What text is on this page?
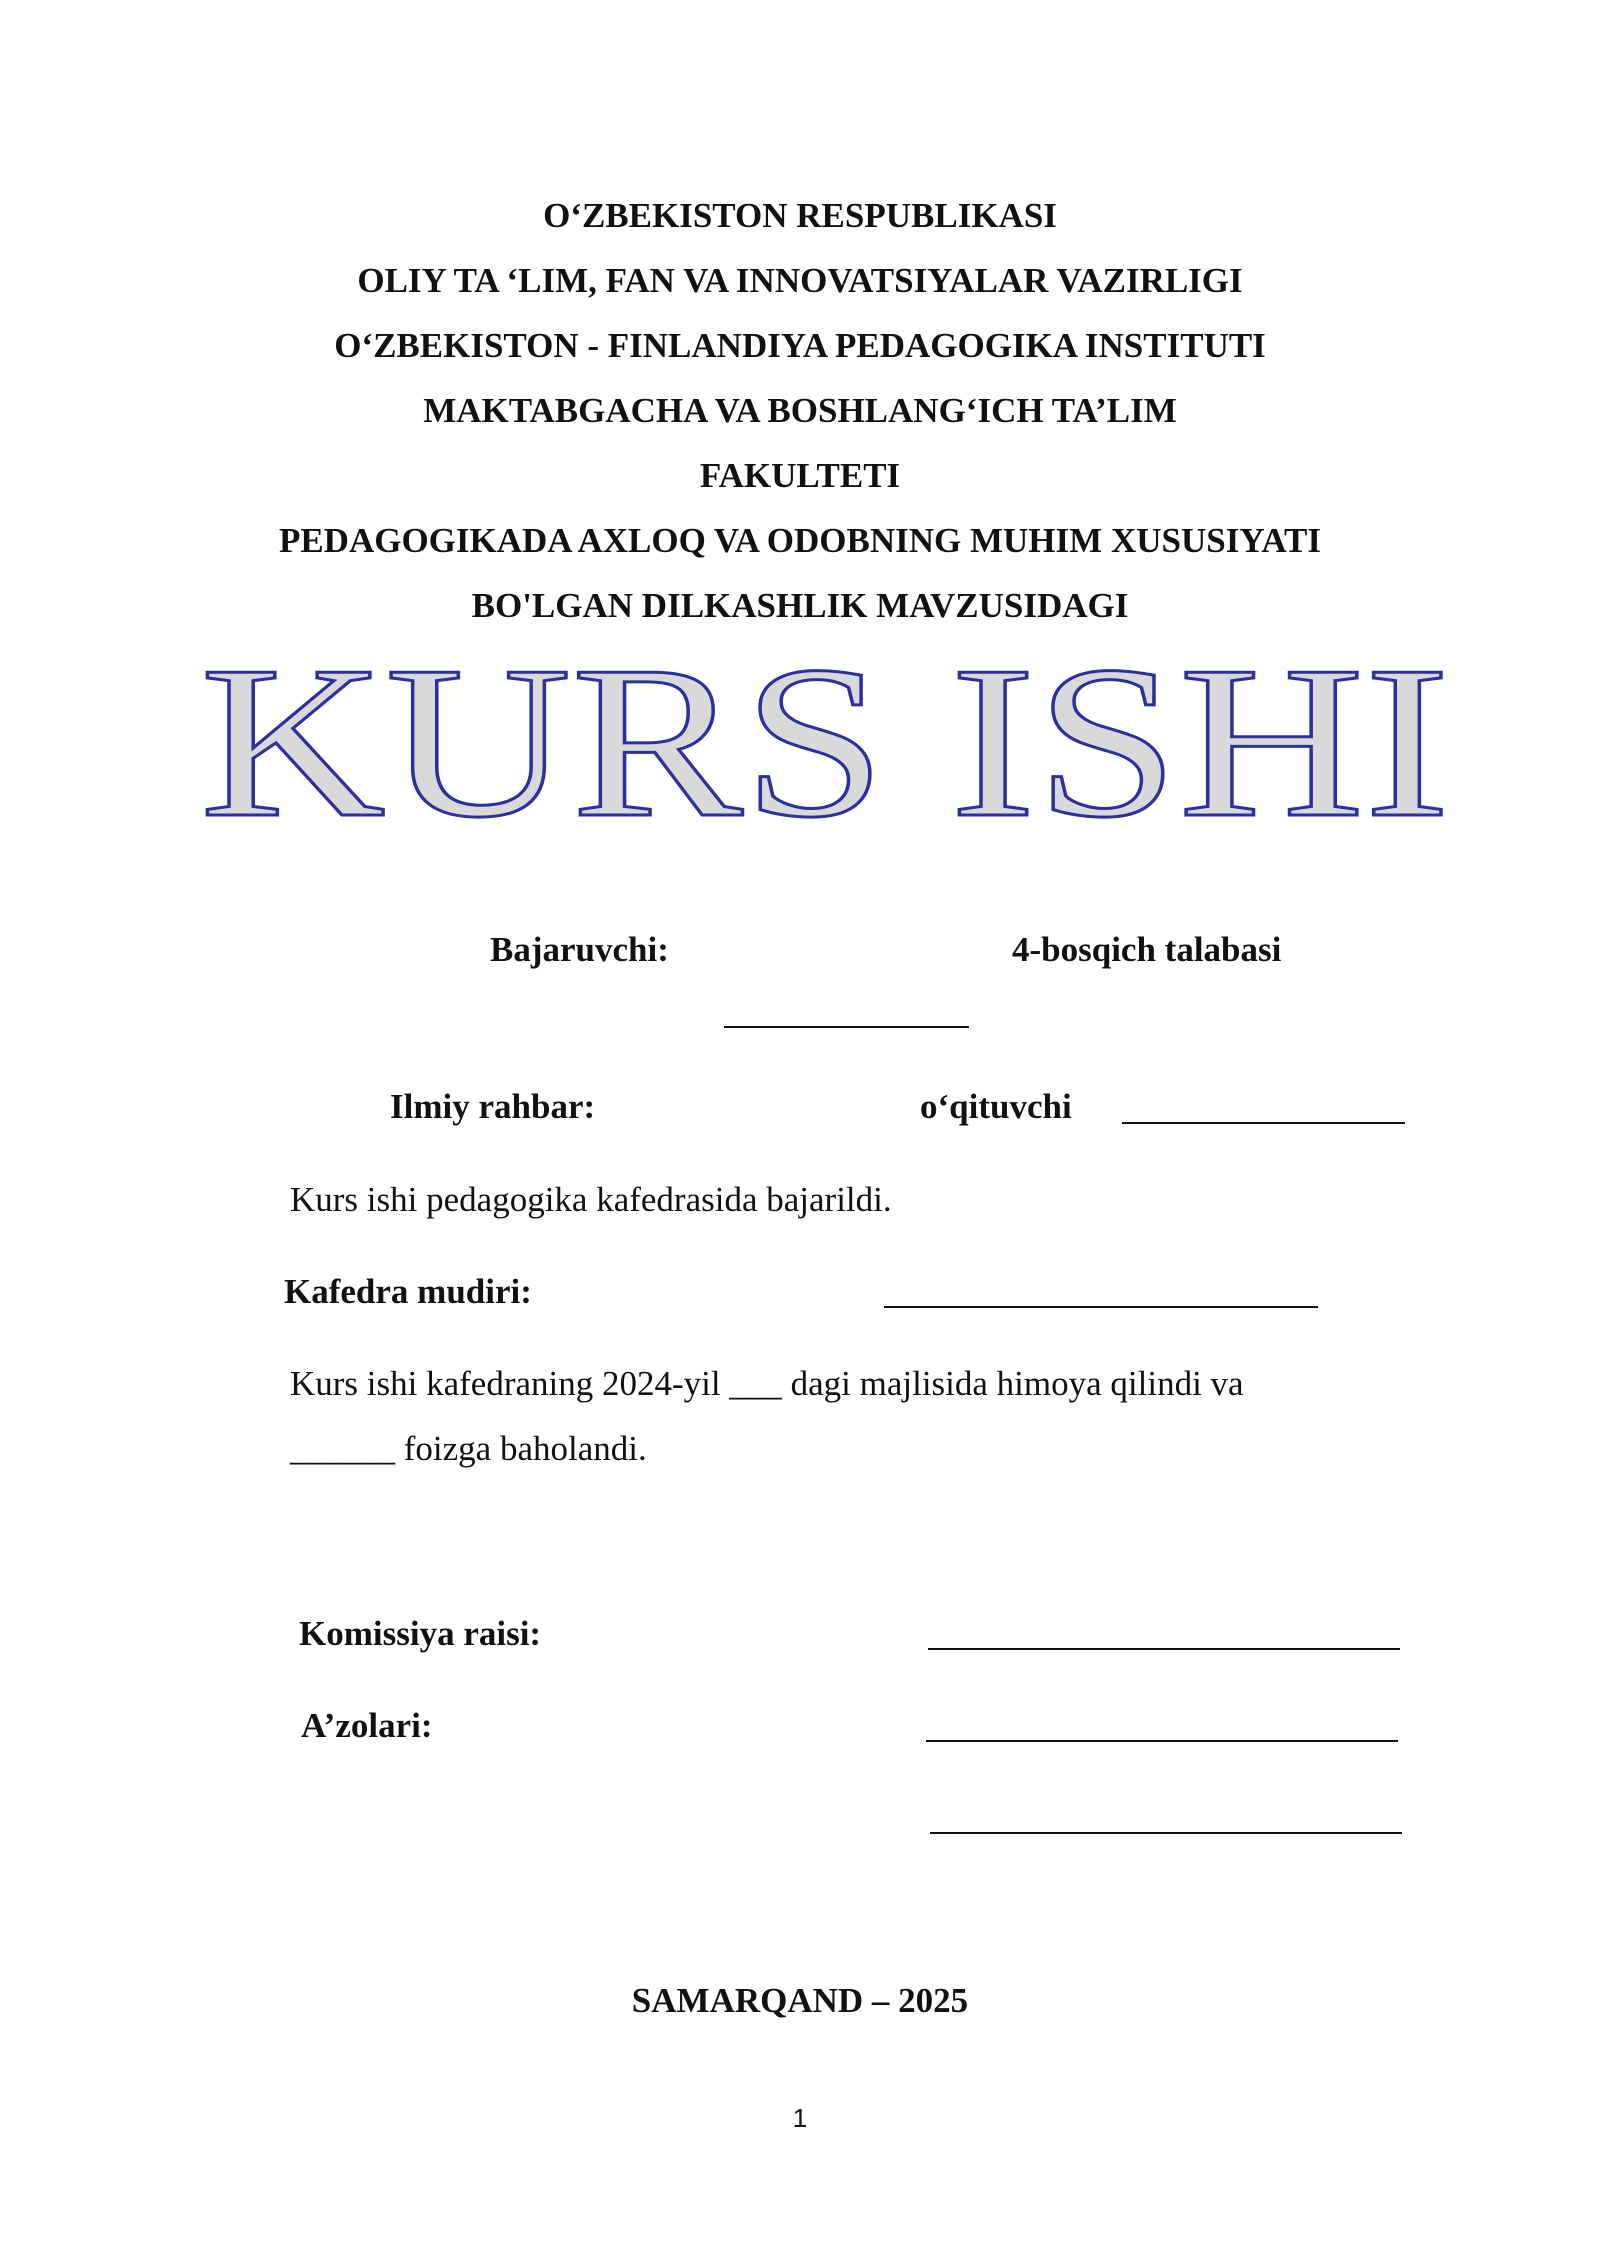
O‘ZBEKISTON RESPUBLIKASI
OLIY TA ‘LIM, FAN VA INNOVATSIYALAR VAZIRLIGI
O‘ZBEKISTON - FINLANDIYA PEDAGOGIKA INSTITUTI
MAKTABGACHA VA BOSHLANG‘ICH TA’LIM
FAKULTETI
PEDAGOGIKADA AXLOQ VA ODOBNING MUHIM XUSUSIYATI
BO'LGAN DILKASHLIK MAVZUSIDAGI
KURS ISHI
Bajaruvchi:	4-bosqich talabasi
Ilmiy rahbar:	o‘qituvchi
Kurs ishi pedagogika kafedrasida bajarildi.
Kafedra mudiri:
Kurs ishi kafedraning 2024-yil ___ dagi majlisida himoya qilindi va
______ foizga baholandi.
Komissiya raisi:
A’zolari:
SAMARQAND – 2025
1
